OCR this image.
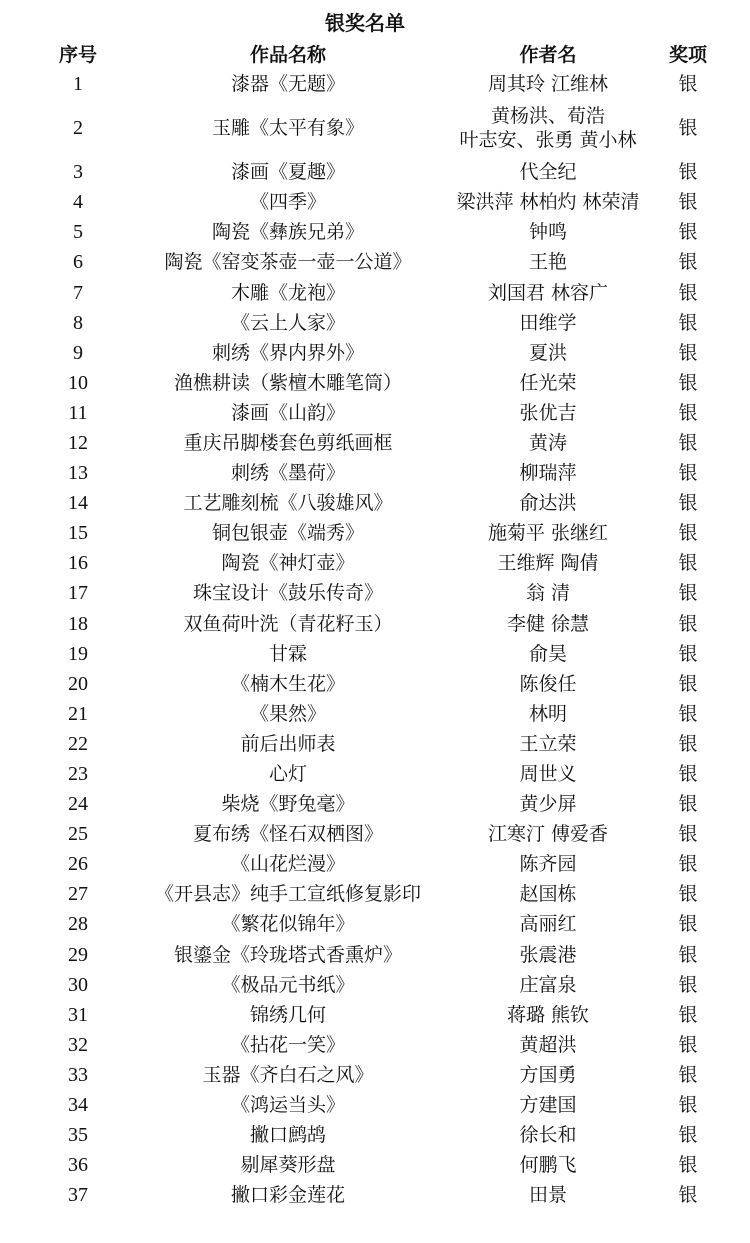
银奖名单
序号	作品名称	作者名	奖项
1	漆器《无题》	周其玲 江维林	银
2	玉雕《太平有象》	黄杨洪、荀浩
叶志安、张勇 黄小林	银
3	漆画《夏趣》	代全纪	银
4	《四季》	梁洪萍 林柏灼 林荣清	银
5	陶瓷《彝族兄弟》	钟鸣	银
6	陶瓷《窑变茶壶一壶一公道》	王艳	银
7	木雕《龙袍》	刘国君 林容广	银
8	《云上人家》	田维学	银
9	刺绣《界内界外》	夏洪	银
10	渔樵耕读（紫檀木雕笔筒）	任光荣	银
11	漆画《山韵》	张优吉	银
12	重庆吊脚楼套色剪纸画框	黄涛	银
13	刺绣《墨荷》	柳瑞萍	银
14	工艺雕刻梳《八骏雄风》	俞达洪	银
15	铜包银壶《端秀》	施菊平 张继红	银
16	陶瓷《神灯壶》	王维辉 陶倩	银
17	珠宝设计《鼓乐传奇》	翁 清	银
18	双鱼荷叶洗（青花籽玉）	李健 徐慧	银
19	甘霖	俞昊	银
20	《楠木生花》	陈俊任	银
21	《果然》	林明	银
22	前后出师表	王立荣	银
23	心灯	周世义	银
24	柴烧《野兔毫》	黄少屏	银
25	夏布绣《怪石双栖图》	江寒汀 傅爱香	银
26	《山花烂漫》	陈齐园	银
27	《开县志》纯手工宣纸修复影印	赵国栋	银
28	《繁花似锦年》	高丽红	银
29	银鎏金《玲珑塔式香熏炉》	张震港	银
30	《极品元书纸》	庄富泉	银
31	锦绣几何	蒋璐 熊钦	银
32	《拈花一笑》	黄超洪	银
33	玉器《齐白石之风》	方国勇	银
34	《鸿运当头》	方建国	银
35	撇口鹧鸪	徐长和	银
36	剔犀葵形盘	何鹏飞	银
37	撇口彩金莲花	田景	银
